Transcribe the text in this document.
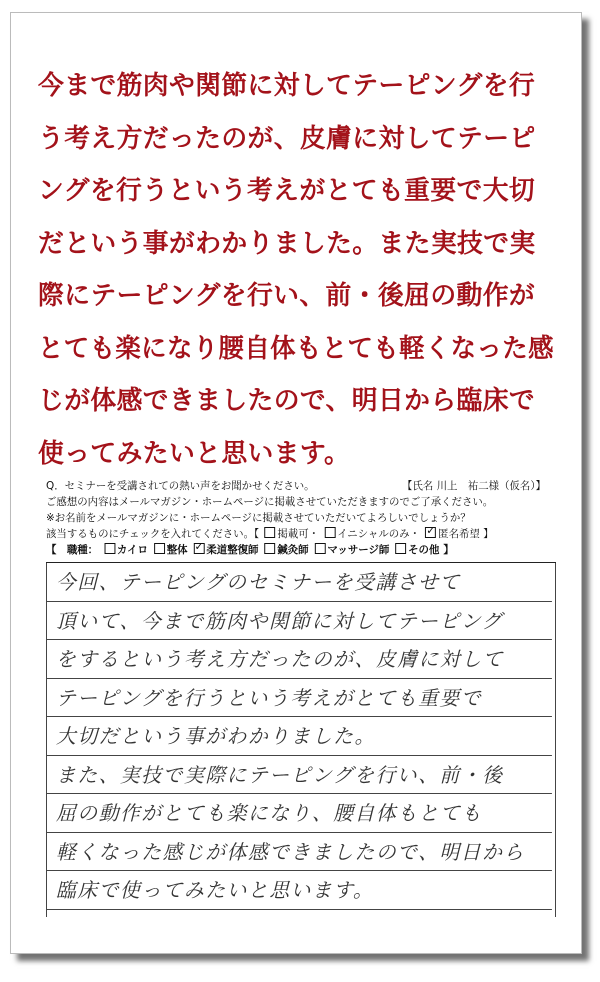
今まで筋肉や関節に対してテーピングを行
う考え方だったのが、皮膚に対してテーピ
ングを行うという考えがとても重要で大切
だという事がわかりました。また実技で実
際にテーピングを行い、前・後屈の動作が
とても楽になり腰自体もとても軽くなった感
じが体感できましたので、明日から臨床で
使ってみたいと思います。
Q．セミナーを受講されての熱い声をお聞かせください。	【氏名 川上　祐二様（仮名）】
ご感想の内容はメールマガジン・ホームページに掲載させていただきますのでご了承ください。
※お名前をメールマガジンに・ホームページに掲載させていただいてよろしいでしょうか？
該当するものにチェックを入れてください。【 掲載可・ イニシャルのみ・ ✓ 匿名希望 】
【　職種：	カイロ	整体 ✓	柔道整復師	鍼灸師	マッサージ師	その他 】
今回、テーピングのセミナーを受講させて
頂いて、今まで筋肉や関節に対してテーピング
をするという考え方だったのが、皮膚に対して
テーピングを行うという考えがとても重要で
大切だという事がわかりました。
また、実技で実際にテーピングを行い、前・後
屈の動作がとても楽になり、腰自体もとても
軽くなった感じが体感できましたので、明日から
臨床で使ってみたいと思います。
